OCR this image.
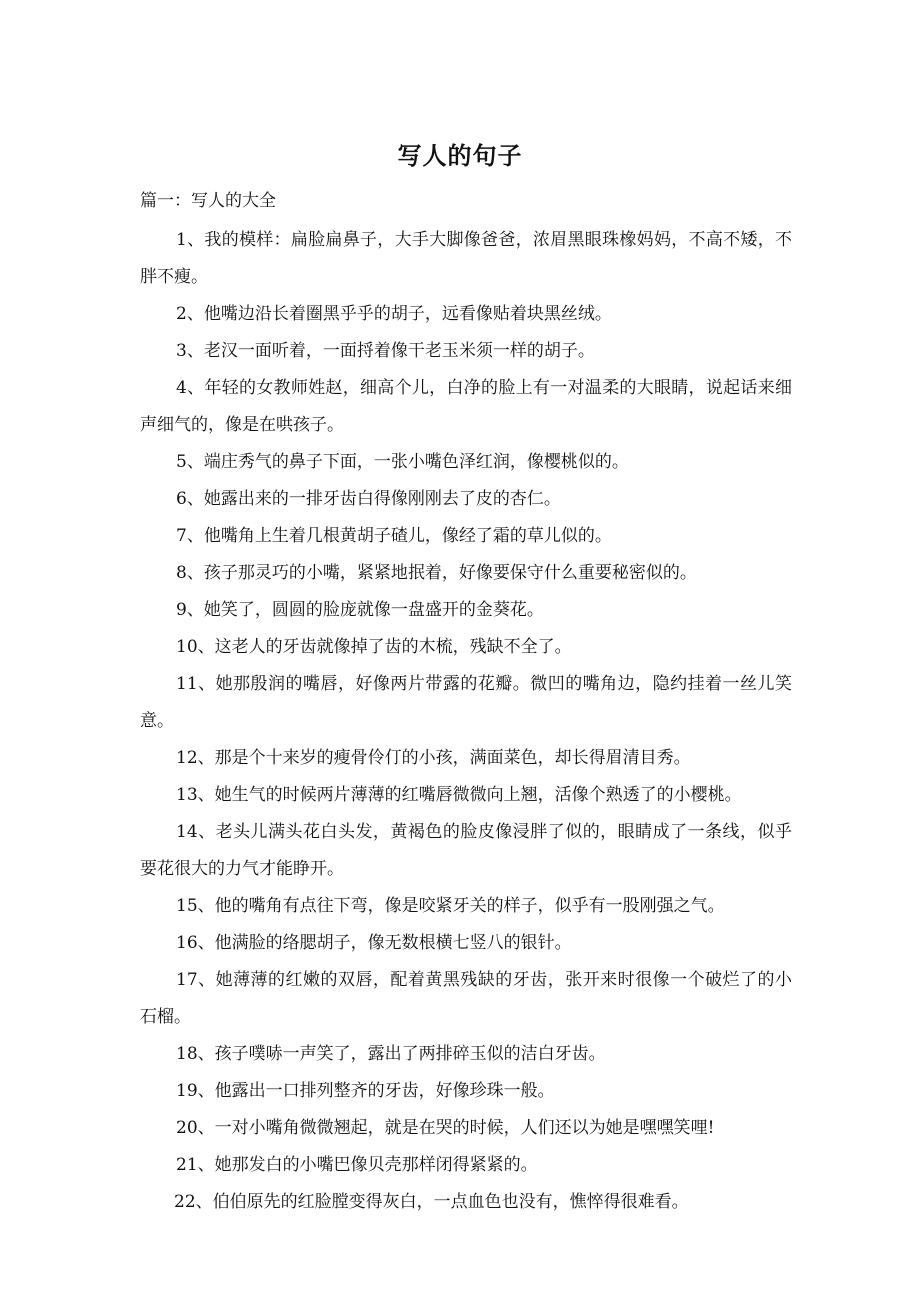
写人的句子
篇一：写人的大全

1、我的模样：扁脸扁鼻子，大手大脚像爸爸，浓眉黑眼珠橡妈妈，不高不矮，不胖不瘦。

2、他嘴边沿长着圈黑乎乎的胡子，远看像贴着块黑丝绒。

3、老汉一面听着，一面捋着像干老玉米须一样的胡子。

4、年轻的女教师姓赵，细高个儿，白净的脸上有一对温柔的大眼睛，说起话来细声细气的，像是在哄孩子。

5、端庄秀气的鼻子下面，一张小嘴色泽红润，像樱桃似的。

6、她露出来的一排牙齿白得像刚刚去了皮的杏仁。

7、他嘴角上生着几根黄胡子碴儿，像经了霜的草儿似的。

8、孩子那灵巧的小嘴，紧紧地抿着，好像要保守什么重要秘密似的。

9、她笑了，圆圆的脸庞就像一盘盛开的金葵花。

10、这老人的牙齿就像掉了齿的木梳，残缺不全了。

11、她那殷润的嘴唇，好像两片带露的花瓣。微凹的嘴角边，隐约挂着一丝儿笑意。

12、那是个十来岁的瘦骨伶仃的小孩，满面菜色，却长得眉清目秀。

13、她生气的时候两片薄薄的红嘴唇微微向上翘，活像个熟透了的小樱桃。

14、老头儿满头花白头发，黄褐色的脸皮像浸胖了似的，眼睛成了一条线，似乎要花很大的力气才能睁开。

15、他的嘴角有点往下弯，像是咬紧牙关的样子，似乎有一股刚强之气。

16、他满脸的络腮胡子，像无数根横七竖八的银针。

17、她薄薄的红嫩的双唇，配着黄黑残缺的牙齿，张开来时很像一个破烂了的小石榴。

18、孩子噗哧一声笑了，露出了两排碎玉似的洁白牙齿。

19、他露出一口排列整齐的牙齿，好像珍珠一般。

20、一对小嘴角微微翘起，就是在哭的时候，人们还以为她是嘿嘿笑哩!

21、她那发白的小嘴巴像贝壳那样闭得紧紧的。

22、伯伯原先的红脸膛变得灰白，一点血色也没有，憔悴得很难看。
